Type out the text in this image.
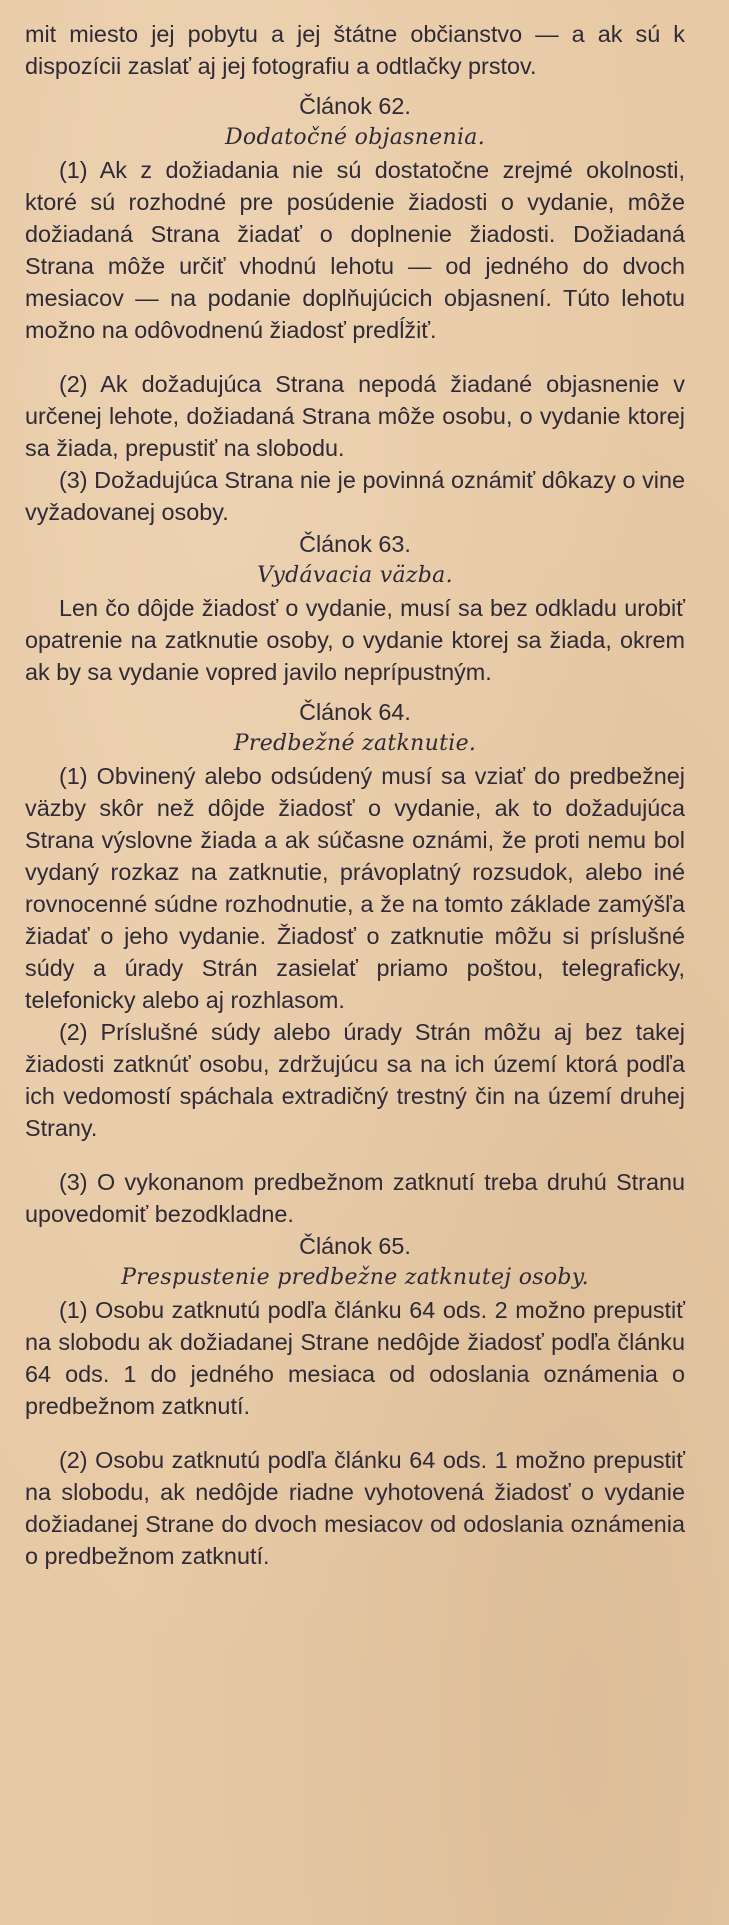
mit miesto jej pobytu a jej štátne občianstvo — a ak sú k dispozícii zaslať aj jej fotografiu a odtlačky prstov.

Článok 62.

Dodatočné objasnenia.

(1) Ak z dožiadania nie sú dostatočne zrejmé okolnosti, ktoré sú rozhodné pre posúdenie žiadosti o vydanie, môže dožiadaná Strana žiadať o doplnenie žiadosti. Dožiadaná Strana môže určiť vhodnú lehotu — od jedného do dvoch mesiacov — na podanie doplňujúcich objasnení. Túto lehotu možno na odôvodnenú žiadosť predĺžiť.

(2) Ak dožadujúca Strana nepodá žiadané objasnenie v určenej lehote, dožiadaná Strana môže osobu, o vydanie ktorej sa žiada, prepustiť na slobodu.

(3) Dožadujúca Strana nie je povinná oznámiť dôkazy o vine vyžadovanej osoby.

Článok 63.

Vydávacia väzba.

Len čo dôjde žiadosť o vydanie, musí sa bez odkladu urobiť opatrenie na zatknutie osoby, o vydanie ktorej sa žiada, okrem ak by sa vydanie vopred javilo neprípustným.

Článok 64.

Predbežné zatknutie.

(1) Obvinený alebo odsúdený musí sa vziať do predbežnej väzby skôr než dôjde žiadosť o vydanie, ak to dožadujúca Strana výslovne žiada a ak súčasne oznámi, že proti nemu bol vydaný rozkaz na zatknutie, právoplatný rozsudok, alebo iné rovnocenné súdne rozhodnutie, a že na tomto základe zamýšľa žiadať o jeho vydanie. Žiadosť o zatknutie môžu si príslušné súdy a úrady Strán zasielať priamo poštou, telegraficky, telefonicky alebo aj rozhlasom.

(2) Príslušné súdy alebo úrady Strán môžu aj bez takej žiadosti zatknúť osobu, zdržujúcu sa na ich území ktorá podľa ich vedomostí spáchala extradičný trestný čin na území druhej Strany.

(3) O vykonanom predbežnom zatknutí treba druhú Stranu upovedomiť bezodkladne.

Článok 65.

Prespustenie predbežne zatknutej osoby.

(1) Osobu zatknutú podľa článku 64 ods. 2 možno prepustiť na slobodu ak dožiadanej Strane nedôjde žiadosť podľa článku 64 ods. 1 do jedného mesiaca od odoslania oznámenia o predbežnom zatknutí.

(2) Osobu zatknutú podľa článku 64 ods. 1 možno prepustiť na slobodu, ak nedôjde riadne vyhotovená žiadosť o vydanie dožiadanej Strane do dvoch mesiacov od odoslania oznámenia o predbežnom zatknutí.
